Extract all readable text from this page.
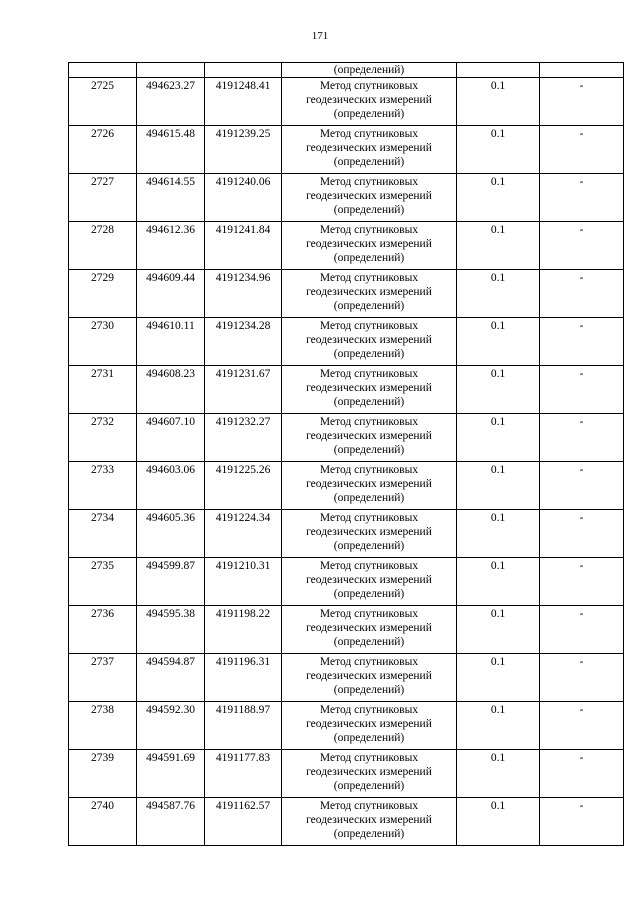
171

			(определений)		

2725	494623.27	4191248.41	Метод спутниковых
геодезических измерений
(определений)	0.1	-
2726	494615.48	4191239.25	Метод спутниковых
геодезических измерений
(определений)	0.1	-
2727	494614.55	4191240.06	Метод спутниковых
геодезических измерений
(определений)	0.1	-
2728	494612.36	4191241.84	Метод спутниковых
геодезических измерений
(определений)	0.1	-
2729	494609.44	4191234.96	Метод спутниковых
геодезических измерений
(определений)	0.1	-
2730	494610.11	4191234.28	Метод спутниковых
геодезических измерений
(определений)	0.1	-
2731	494608.23	4191231.67	Метод спутниковых
геодезических измерений
(определений)	0.1	-
2732	494607.10	4191232.27	Метод спутниковых
геодезических измерений
(определений)	0.1	-
2733	494603.06	4191225.26	Метод спутниковых
геодезических измерений
(определений)	0.1	-
2734	494605.36	4191224.34	Метод спутниковых
геодезических измерений
(определений)	0.1	-
2735	494599.87	4191210.31	Метод спутниковых
геодезических измерений
(определений)	0.1	-
2736	494595.38	4191198.22	Метод спутниковых
геодезических измерений
(определений)	0.1	-
2737	494594.87	4191196.31	Метод спутниковых
геодезических измерений
(определений)	0.1	-
2738	494592.30	4191188.97	Метод спутниковых
геодезических измерений
(определений)	0.1	-
2739	494591.69	4191177.83	Метод спутниковых
геодезических измерений
(определений)	0.1	-
2740	494587.76	4191162.57	Метод спутниковых
геодезических измерений
(определений)	0.1	-
